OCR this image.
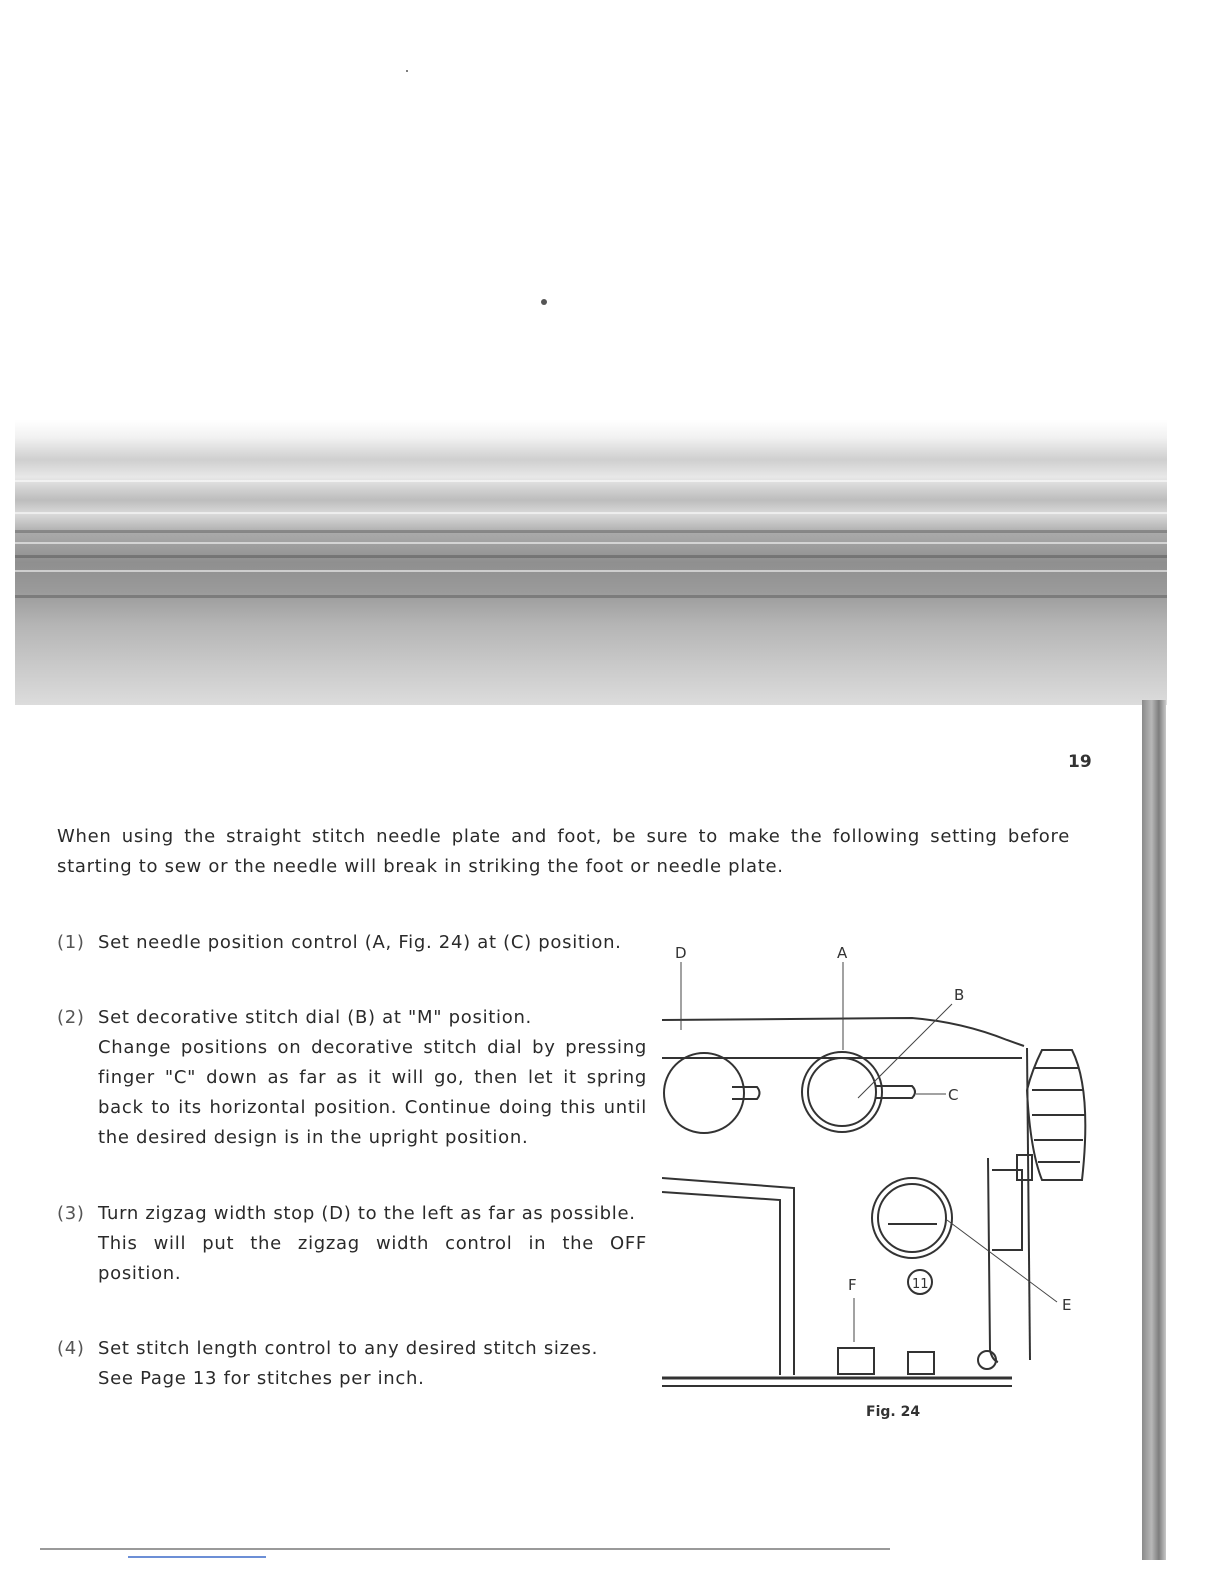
19

When using the straight stitch needle plate and foot, be sure to make the following setting before starting to sew or the needle will break in striking the foot or needle plate.

(1) Set needle position control (A, Fig. 24) at (C) position.
(2) Set decorative stitch dial (B) at "M" position.
Change positions on decorative stitch dial by pressing finger "C" down as far as it will go, then let it spring back to its horizontal position. Continue doing this until the desired design is in the upright position.
(3) Turn zigzag width stop (D) to the left as far as possible.
This will put the zigzag width control in the OFF position.
(4) Set stitch length control to any desired stitch sizes.
See Page 13 for stitches per inch.
D	A
B
C
E
F	11
Fig. 24
